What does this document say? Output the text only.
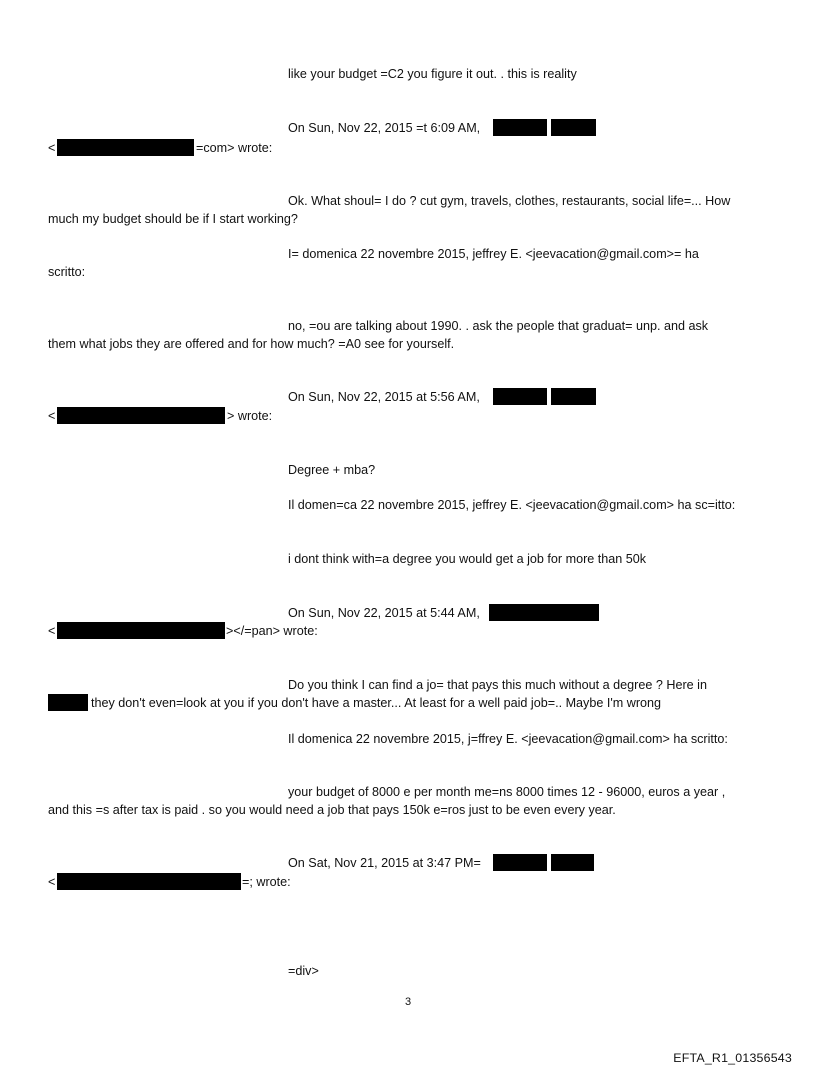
like your budget =C2 you figure it out. . this is reality
On Sun, Nov 22, 2015 =t 6:09 AM,
<	=com> wrote:
Ok. What shoul= I do ? cut gym, travels, clothes, restaurants, social life=... How
much my budget should be if I start working?
I= domenica 22 novembre 2015, jeffrey E. <jeevacation@gmail.com>= ha
scritto:
no, =ou are talking about 1990. . ask the people that graduat= unp. and ask
them what jobs they are offered and for how much? =A0 see for yourself.
On Sun, Nov 22, 2015 at 5:56 AM,
<	> wrote:
Degree + mba?
Il domen=ca 22 novembre 2015, jeffrey E. <jeevacation@gmail.com> ha sc=itto:
i dont think with=a degree you would get a job for more than 50k
On Sun, Nov 22, 2015 at 5:44 AM,
<	></=pan> wrote:
Do you think I can find a jo= that pays this much without a degree ? Here in
they don't even=look at you if you don't have a master... At least for a well paid job=.. Maybe I'm wrong
Il domenica 22 novembre 2015, j=ffrey E. <jeevacation@gmail.com> ha scritto:
your budget of 8000 e per month me=ns 8000 times 12 - 96000, euros a year ,
and this =s after tax is paid . so you would need a job that pays 150k e=ros just to be even every year.
On Sat, Nov 21, 2015 at 3:47 PM=
<	=; wrote:
=div>
3
EFTA_R1_01356543
